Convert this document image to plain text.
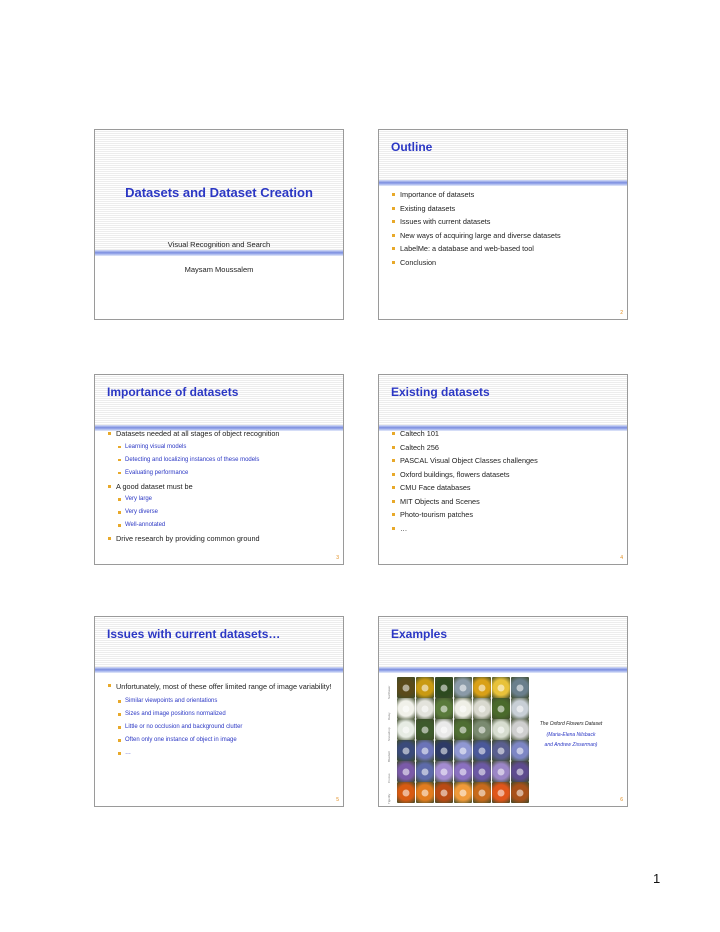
Datasets and Dataset Creation
Visual Recognition and Search
Maysam Moussalem
Outline
Importance of datasets
Existing datasets
Issues with current datasets
New ways of acquiring large and diverse datasets
LabelMe: a database and web-based tool
Conclusion
2
Importance of datasets
Datasets needed at all stages of object recognition
Learning visual models
Detecting and localizing instances of these models
Evaluating performance
A good dataset must be
Very large
Very diverse
Well-annotated
Drive research by providing common ground
3
Existing datasets
Caltech 101
Caltech 256
PASCAL Visual Object Classes challenges
Oxford buildings, flowers datasets
CMU Face databases
MIT Objects and Scenes
Photo-tourism patches
…
4
Issues with current datasets…
Unfortunately, most of these offer limited range of image variability!
Similar viewpoints and orientations
Sizes and image positions normalized
Little or no occlusion and background clutter
Often only one instance of object in image
…
5
Examples
Sunflower
Daisy
Snowdrop
Bluebell
Crocus
Tigerlily
The Oxford Flowers Dataset
(Maria-Elena Nilsback
and Andrew Zisserman)
6
1
